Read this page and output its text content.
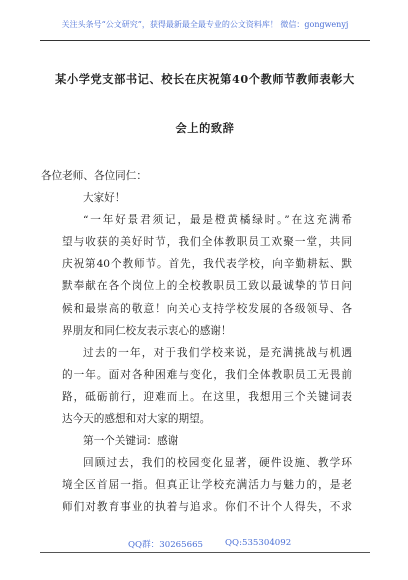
关注头条号“公文研究”，获得最新最全最专业的公文资料库！ 微信：gongwenyj
某小学党支部书记、校长在庆祝第40个教师节教师表彰大
会上的致辞
各位老师、各位同仁：
大家好！
“一年好景君须记，最是橙黄橘绿时。”在这充满希
望与收获的美好时节，我们全体教职员工欢聚一堂，共同
庆祝第40个教师节。首先，我代表学校，向辛勤耕耘、默
默奉献在各个岗位上的全校教职员工致以最诚挚的节日问
候和最崇高的敬意！向关心支持学校发展的各级领导、各
界朋友和同仁校友表示衷心的感谢！
过去的一年，对于我们学校来说，是充满挑战与机遇
的一年。面对各种困难与变化，我们全体教职员工无畏前
路，砥砺前行，迎难而上。在这里，我想用三个关键词表
达今天的感想和对大家的期望。
第一个关键词：感谢
回顾过去，我们的校园变化显著，硬件设施、教学环
境全区首屈一指。但真正让学校充满活力与魅力的，是老
师们对教育事业的执着与追求。你们不计个人得失，不求
QQ群：30265665	QQ:535304092
